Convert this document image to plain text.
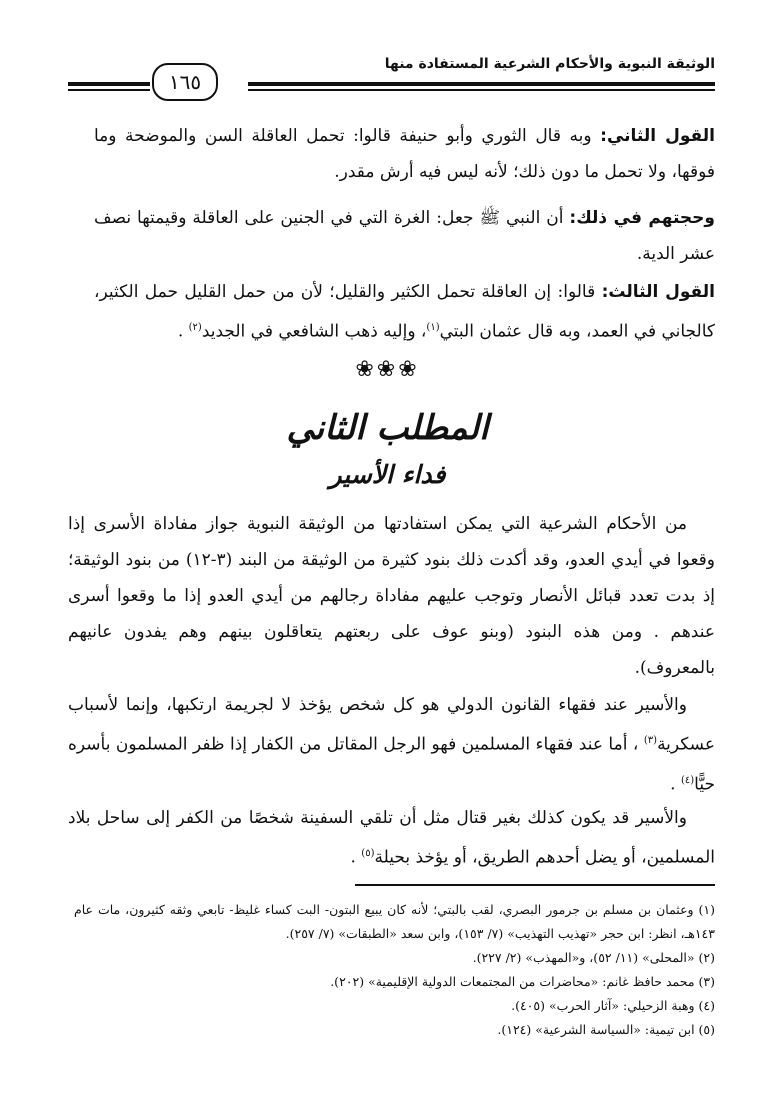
الوثيقة النبوية والأحكام الشرعية المستفادة منها
١٦٥
القول الثاني: وبه قال الثوري وأبو حنيفة قالوا: تحمل العاقلة السن والموضحة وما فوقها، ولا تحمل ما دون ذلك؛ لأنه ليس فيه أرش مقدر.
وحجتهم في ذلك: أن النبي ﷺ جعل: الغرة التي في الجنين على العاقلة وقيمتها نصف عشر الدية.
القول الثالث: قالوا: إن العاقلة تحمل الكثير والقليل؛ لأن من حمل القليل حمل الكثير، كالجاني في العمد، وبه قال عثمان البتي$^{(١)}$، وإليه ذهب الشافعي في الجديد$^{(٢)}$ .
❀❀❀
المطلب الثاني
فداء الأسير
من الأحكام الشرعية التي يمكن استفادتها من الوثيقة النبوية جواز مفاداة الأسرى إذا وقعوا في أيدي العدو، وقد أكدت ذلك بنود كثيرة من الوثيقة من البند (٣-١٢) من بنود الوثيقة؛ إذ بدت تعدد قبائل الأنصار وتوجب عليهم مفاداة رجالهم من أيدي العدو إذا ما وقعوا أسرى عندهم . ومن هذه البنود (وبنو عوف على ربعتهم يتعاقلون بينهم وهم يفدون عانيهم بالمعروف).
والأسير عند فقهاء القانون الدولي هو كل شخص يؤخذ لا لجريمة ارتكبها، وإنما لأسباب عسكرية$^{(٣)}$ ، أما عند فقهاء المسلمين فهو الرجل المقاتل من الكفار إذا ظفر المسلمون بأسره حيًّا$^{(٤)}$ .
والأسير قد يكون كذلك بغير قتال مثل أن تلقي السفينة شخصًا من الكفر إلى ساحل بلاد المسلمين، أو يضل أحدهم الطريق، أو يؤخذ بحيلة$^{(٥)}$ .

(١) وعثمان بن مسلم بن جرمور البصري، لقب بالبتي؛ لأنه كان يبيع البتون- البت كساء غليظ- تابعي وثقه كثيرون، مات عام ١٤٣هـ، انظر: ابن حجر «تهذيب التهذيب» (٧/ ١٥٣)، وابن سعد «الطبقات» (٧/ ٢٥٧).

(٢) «المحلى» (١١/ ٥٢)، و«المهذب» (٢/ ٢٢٧).

(٣) محمد حافظ غانم: «محاضرات من المجتمعات الدولية الإقليمية» (٢٠٢).

(٤) وهبة الزحيلي: «آثار الحرب» (٤٠٥).

(٥) ابن تيمية: «السياسة الشرعية» (١٢٤).
